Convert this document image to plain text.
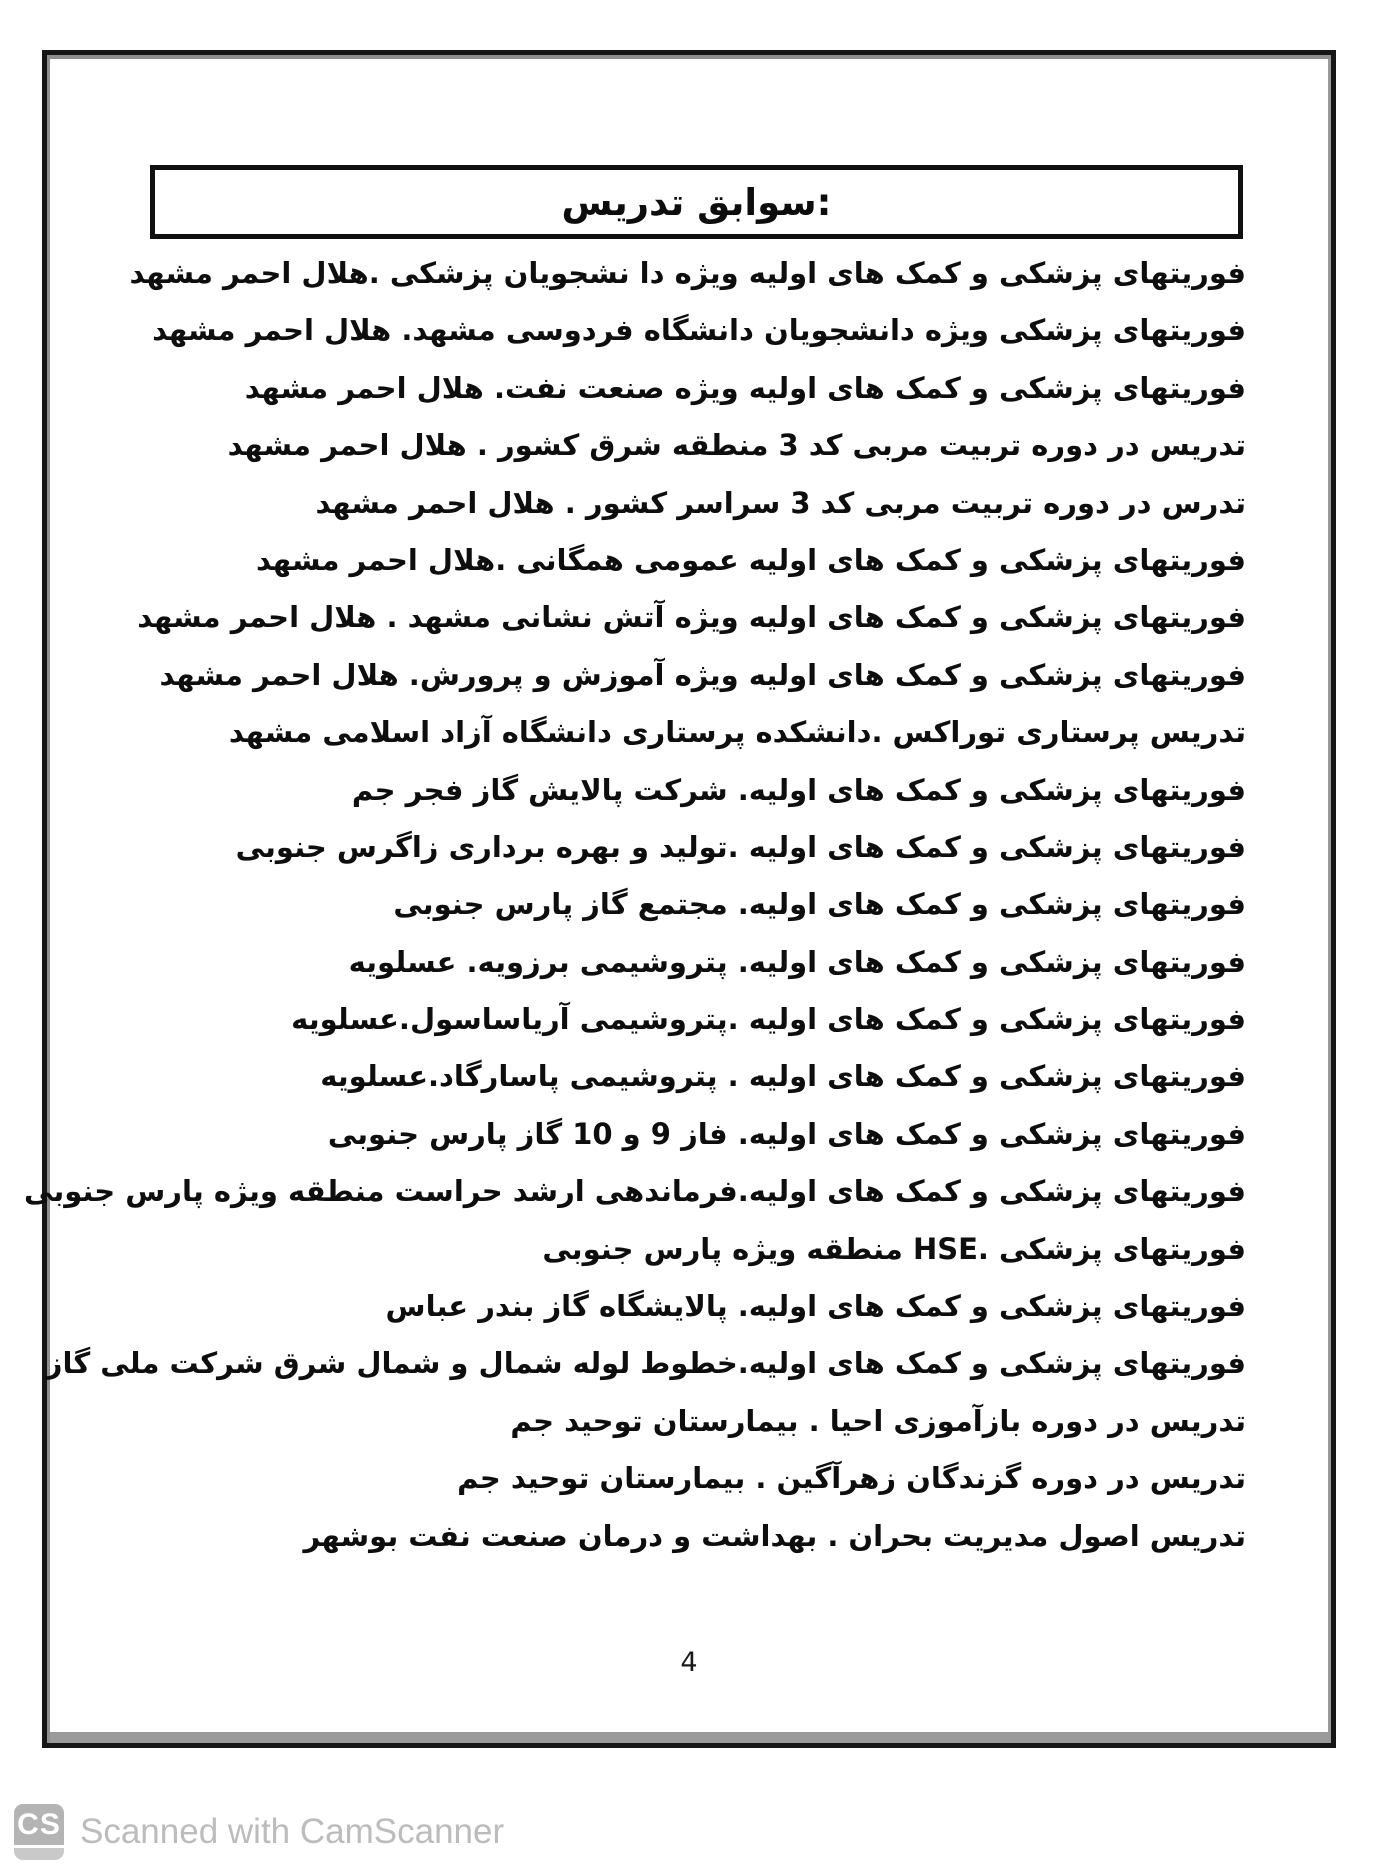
سوابق تدریس:
فوریتهای پزشکی و کمک های اولیه ویژه دا نشجویان پزشکی .هلال احمر مشهد
فوریتهای پزشکی ویژه دانشجویان دانشگاه فردوسی مشهد. هلال احمر مشهد
فوریتهای پزشکی و کمک های اولیه ویژه صنعت نفت. هلال احمر مشهد
تدریس در دوره تربیت مربی کد 3 منطقه شرق کشور . هلال احمر مشهد
تدرس در دوره تربیت مربی کد 3 سراسر کشور . هلال احمر مشهد
فوریتهای پزشکی و کمک های اولیه عمومی همگانی .هلال احمر مشهد
فوریتهای پزشکی و کمک های اولیه ویژه آتش نشانی مشهد . هلال احمر مشهد
فوریتهای پزشکی و کمک های اولیه ویژه آموزش و پرورش. هلال احمر مشهد
تدریس پرستاری توراکس .دانشکده پرستاری دانشگاه آزاد اسلامی مشهد
فوریتهای پزشکی و کمک های اولیه. شرکت پالایش گاز فجر جم
فوریتهای پزشکی و کمک های اولیه .تولید و بهره برداری زاگرس جنوبی
فوریتهای پزشکی و کمک های اولیه. مجتمع گاز پارس جنوبی
فوریتهای پزشکی و کمک های اولیه. پتروشیمی برزویه. عسلویه
فوریتهای پزشکی و کمک های اولیه .پتروشیمی آریاساسول.عسلویه
فوریتهای پزشکی و کمک های اولیه . پتروشیمی پاسارگاد.عسلویه
فوریتهای پزشکی و کمک های اولیه. فاز 9 و 10 گاز پارس جنوبی
فوریتهای پزشکی و کمک های اولیه.فرماندهی ارشد حراست منطقه ویژه پارس جنوبی
فوریتهای پزشکی .HSE منطقه ویژه پارس جنوبی
فوریتهای پزشکی و کمک های اولیه. پالایشگاه گاز بندر عباس
فوریتهای پزشکی و کمک های اولیه.خطوط لوله شمال و شمال شرق شرکت ملی گاز
تدریس در دوره بازآموزی احیا . بیمارستان توحید جم
تدریس در دوره گزندگان زهرآگین . بیمارستان توحید جم
تدریس اصول مدیریت بحران . بهداشت و درمان صنعت نفت بوشهر
4
CS Scanned with CamScanner
